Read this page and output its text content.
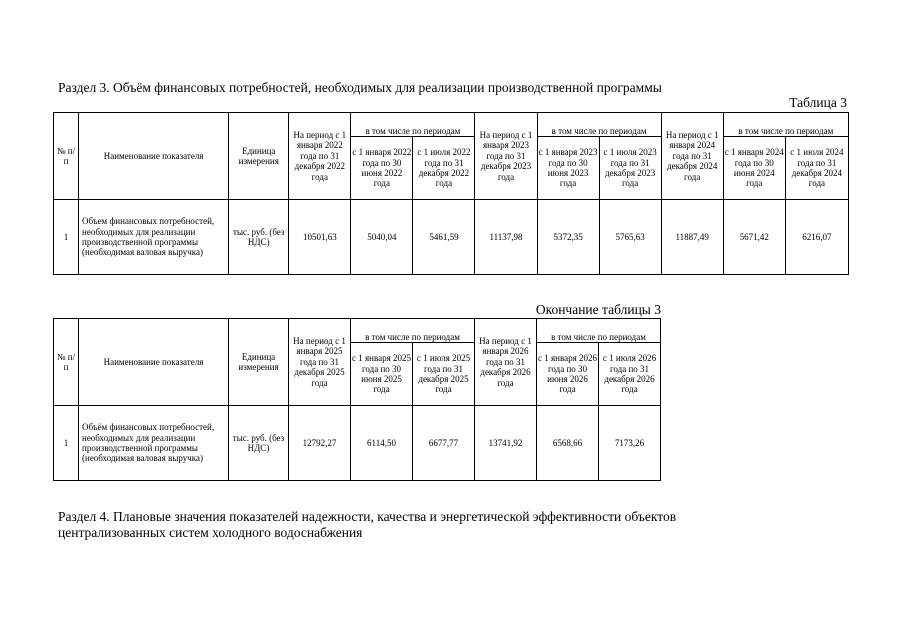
Раздел 3. Объём финансовых потребностей, необходимых для реализации производственной программы
Таблица 3
№ п/п	Наименование показателя	Единица измерения	На период с 1 января 2022 года по 31 декабря 2022 года	в том числе по периодам		На период с 1 января 2023 года по 31 декабря 2023 года	в том числе по периодам		На период с 1 января 2024 года по 31 декабря 2024 года	в том числе по периодам	
				с 1 января 2022 года по 30 июня 2022 года	с 1 июля 2022 года по 31 декабря 2022 года		с 1 января 2023 года по 30 июня 2023 года	с 1 июля 2023 года по 31 декабря 2023 года		с 1 января 2024 года по 30 июня 2024 года	с 1 июля 2024 года по 31 декабря 2024 года
1	Объем финансовых потребностей, необходимых для реализации производственной программы (необходимая валовая выручка)	тыс. руб. (без НДС)	10501,63	5040,04	5461,59	11137,98	5372,35	5765,63	11887,49	5671,42	6216,07
Окончание таблицы 3
№ п/п	Наименование показателя	Единица измерения	На период с 1 января 2025 года по 31 декабря 2025 года	в том числе по периодам		На период с 1 января 2026 года по 31 декабря 2026 года	в том числе по периодам	
				с 1 января 2025 года по 30 июня 2025 года	с 1 июля 2025 года по 31 декабря 2025 года		с 1 января 2026 года по 30 июня 2026 года	с 1 июля 2026 года по 31 декабря 2026 года
1	Объём финансовых потребностей, необходимых для реализации производственной программы (необходимая валовая выручка)	тыс. руб. (без НДС)	12792,27	6114,50	6677,77	13741,92	6568,66	7173,26
Раздел 4. Плановые значения показателей надежности, качества и энергетической эффективности объектов
централизованных систем холодного водоснабжения
